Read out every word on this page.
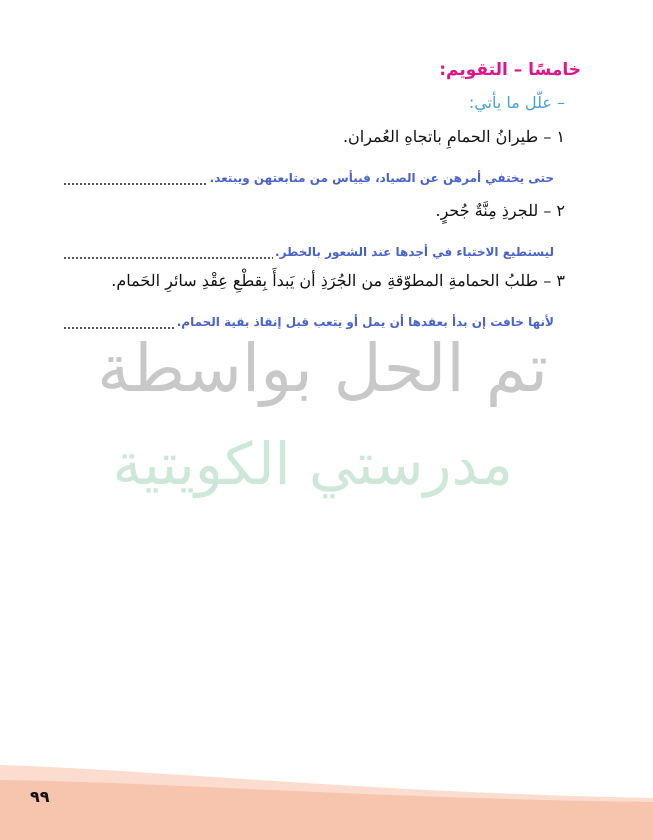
خامسًا – التقويم:
– علّل ما يأتي:
١ – طيرانُ الحمامِ باتجاهِ العُمران.
حتى يختفي أمرهن عن الصياد، فييأس من متابعتهن ويبتعد.
٢ – للجرذِ مِنَّةٌ جُحرٍ.
ليستطيع الاختباء في أجدها عند الشعور بالخطر.
٣ – طلبُ الحمامةِ المطوّقةِ من الجُرَذِ أن يَبدأَ بِقطْعِ عِقْدِ سائرِ الحَمام.
لأنها خافت إن بدأ بعقدها أن يمل أو يتعب قبل إنقاذ بقية الحمام.
تم الحل بواسطة
مدرستي الكويتية
٩٩
